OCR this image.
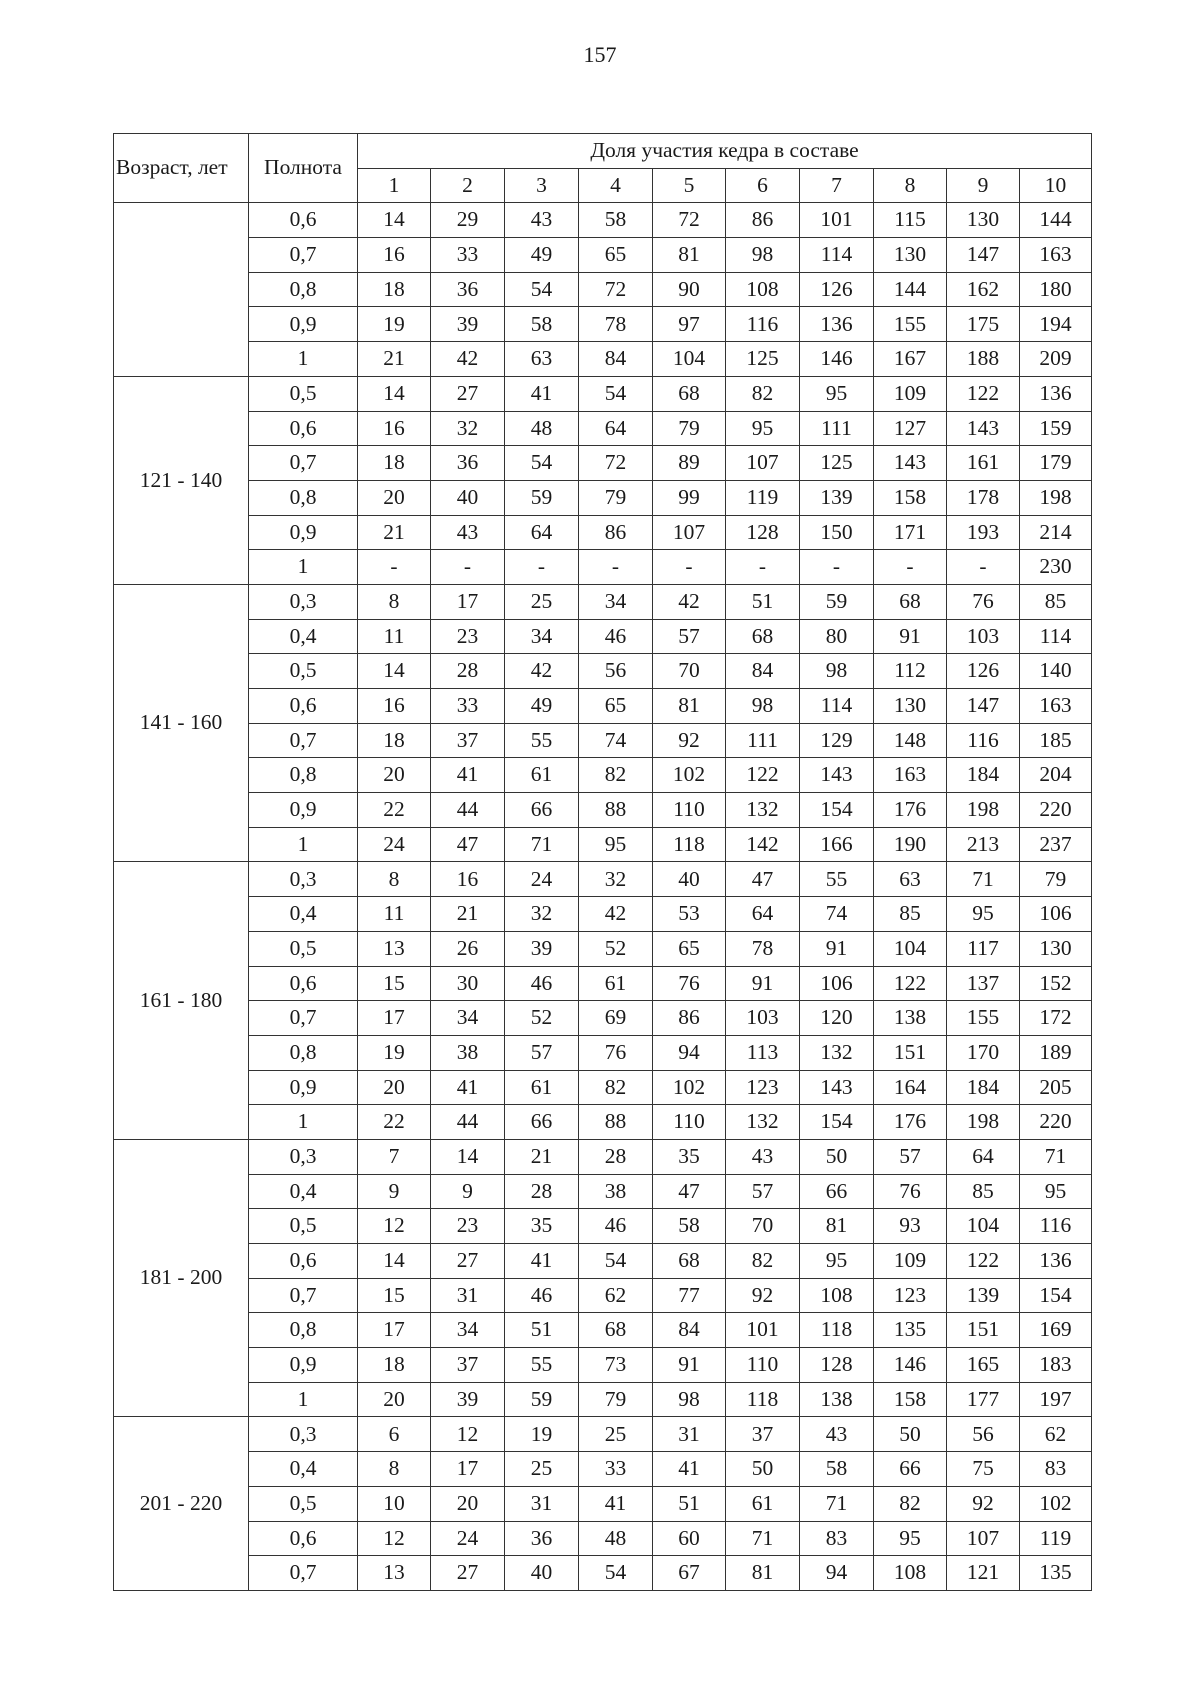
157
Возраст, лет	Полнота	Доля участия кедра в составе									
		1	2	3	4	5	6	7	8	9	10
	0,6	14	29	43	58	72	86	101	115	130	144
	0,7	16	33	49	65	81	98	114	130	147	163
	0,8	18	36	54	72	90	108	126	144	162	180
	0,9	19	39	58	78	97	116	136	155	175	194
	1	21	42	63	84	104	125	146	167	188	209
121 - 140	0,5	14	27	41	54	68	82	95	109	122	136
	0,6	16	32	48	64	79	95	111	127	143	159
	0,7	18	36	54	72	89	107	125	143	161	179
	0,8	20	40	59	79	99	119	139	158	178	198
	0,9	21	43	64	86	107	128	150	171	193	214
	1	-	-	-	-	-	-	-	-	-	230
141 - 160	0,3	8	17	25	34	42	51	59	68	76	85
	0,4	11	23	34	46	57	68	80	91	103	114
	0,5	14	28	42	56	70	84	98	112	126	140
	0,6	16	33	49	65	81	98	114	130	147	163
	0,7	18	37	55	74	92	111	129	148	116	185
	0,8	20	41	61	82	102	122	143	163	184	204
	0,9	22	44	66	88	110	132	154	176	198	220
	1	24	47	71	95	118	142	166	190	213	237
161 - 180	0,3	8	16	24	32	40	47	55	63	71	79
	0,4	11	21	32	42	53	64	74	85	95	106
	0,5	13	26	39	52	65	78	91	104	117	130
	0,6	15	30	46	61	76	91	106	122	137	152
	0,7	17	34	52	69	86	103	120	138	155	172
	0,8	19	38	57	76	94	113	132	151	170	189
	0,9	20	41	61	82	102	123	143	164	184	205
	1	22	44	66	88	110	132	154	176	198	220
181 - 200	0,3	7	14	21	28	35	43	50	57	64	71
	0,4	9	9	28	38	47	57	66	76	85	95
	0,5	12	23	35	46	58	70	81	93	104	116
	0,6	14	27	41	54	68	82	95	109	122	136
	0,7	15	31	46	62	77	92	108	123	139	154
	0,8	17	34	51	68	84	101	118	135	151	169
	0,9	18	37	55	73	91	110	128	146	165	183
	1	20	39	59	79	98	118	138	158	177	197
201 - 220	0,3	6	12	19	25	31	37	43	50	56	62
	0,4	8	17	25	33	41	50	58	66	75	83
	0,5	10	20	31	41	51	61	71	82	92	102
	0,6	12	24	36	48	60	71	83	95	107	119
	0,7	13	27	40	54	67	81	94	108	121	135
